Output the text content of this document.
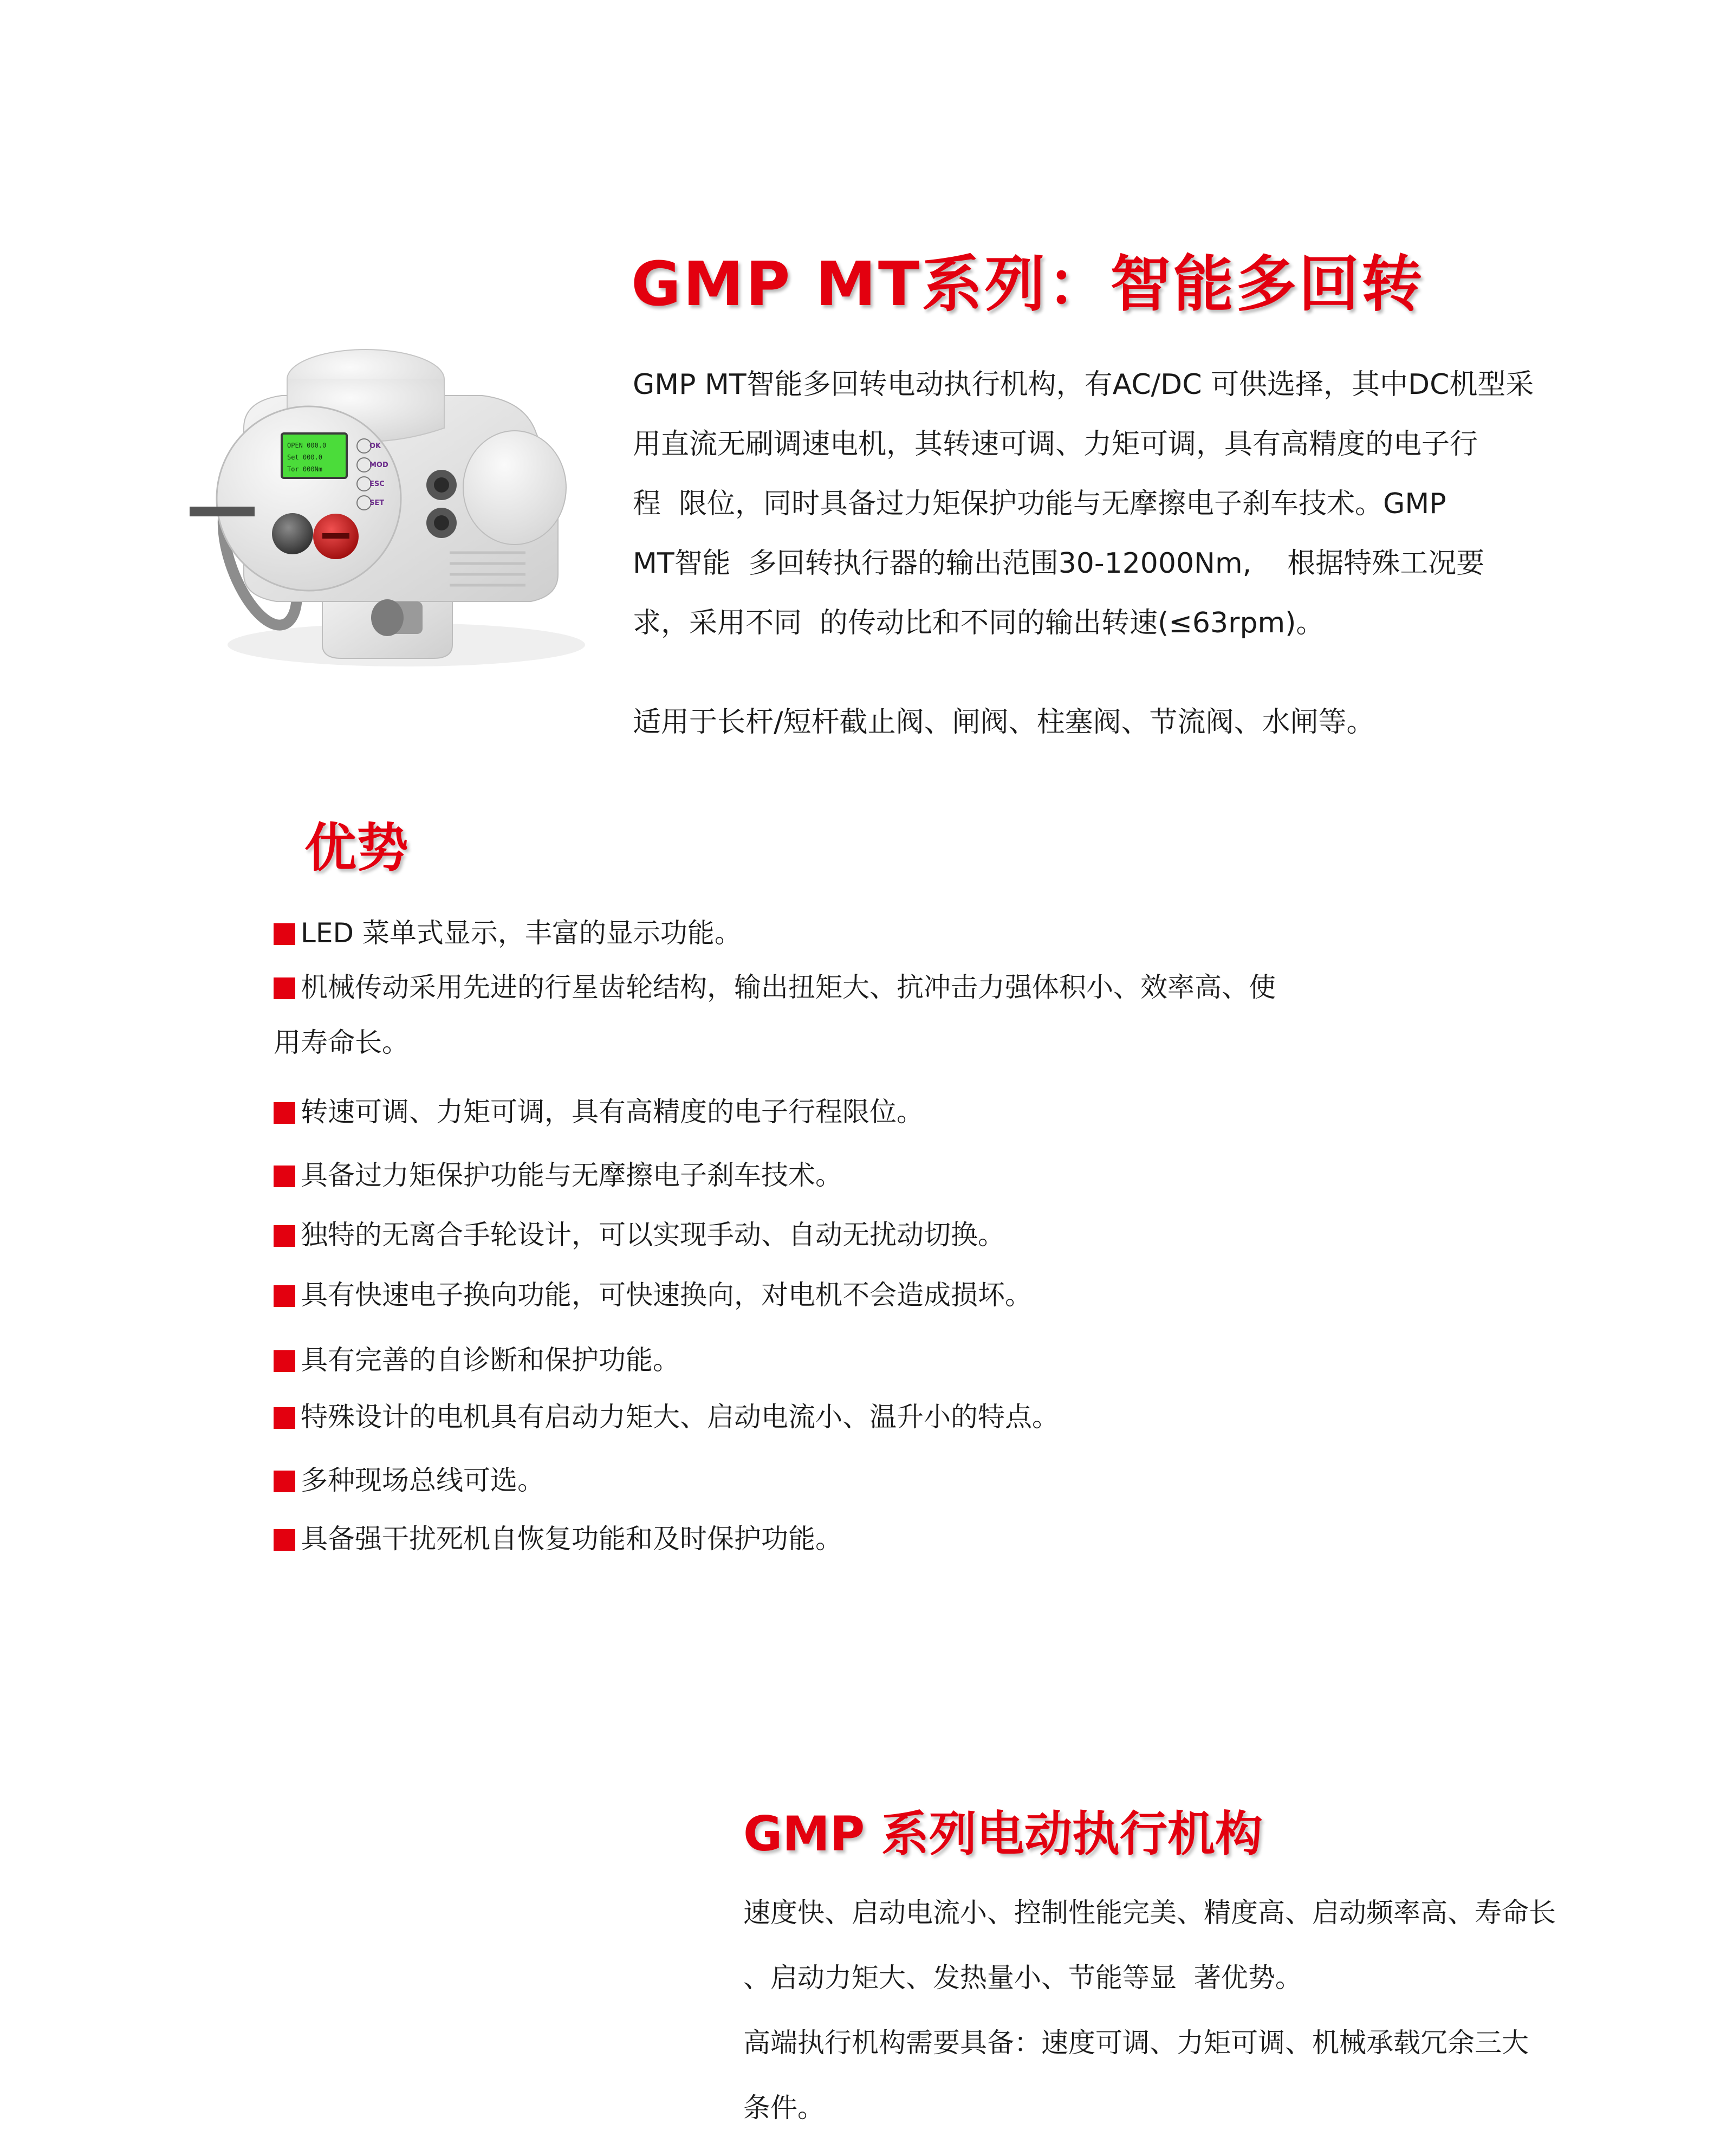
OPEN 000.0
Set 000.0
Tor 000Nm
OK
MOD
ESC
SET
GMP MT系列：智能多回转

GMP MT智能多回转电动执行机构，有AC/DC 可供选择，其中DC机型采

用直流无刷调速电机，其转速可调、力矩可调，具有高精度的电子行

程  限位，同时具备过力矩保护功能与无摩擦电子刹车技术。GMP

MT智能  多回转执行器的输出范围30-12000Nm,    根据特殊工况要

求，采用不同  的传动比和不同的输出转速(≤63rpm)。

适用于长杆/短杆截止阀、闸阀、柱塞阀、节流阀、水闸等。
优势
LED 菜单式显示，丰富的显示功能。
机械传动采用先进的行星齿轮结构，输出扭矩大、抗冲击力强体积小、效率高、使
用寿命长。
转速可调、力矩可调，具有高精度的电子行程限位。
具备过力矩保护功能与无摩擦电子刹车技术。
独特的无离合手轮设计，可以实现手动、自动无扰动切换。
具有快速电子换向功能，可快速换向，对电机不会造成损坏。
具有完善的自诊断和保护功能。
特殊设计的电机具有启动力矩大、启动电流小、温升小的特点。
多种现场总线可选。
具备强干扰死机自恢复功能和及时保护功能。
GMP 系列电动执行机构

速度快、启动电流小、控制性能完美、精度高、启动频率高、寿命长

、启动力矩大、发热量小、节能等显  著优势。

高端执行机构需要具备：速度可调、力矩可调、机械承载冗余三大

条件。
